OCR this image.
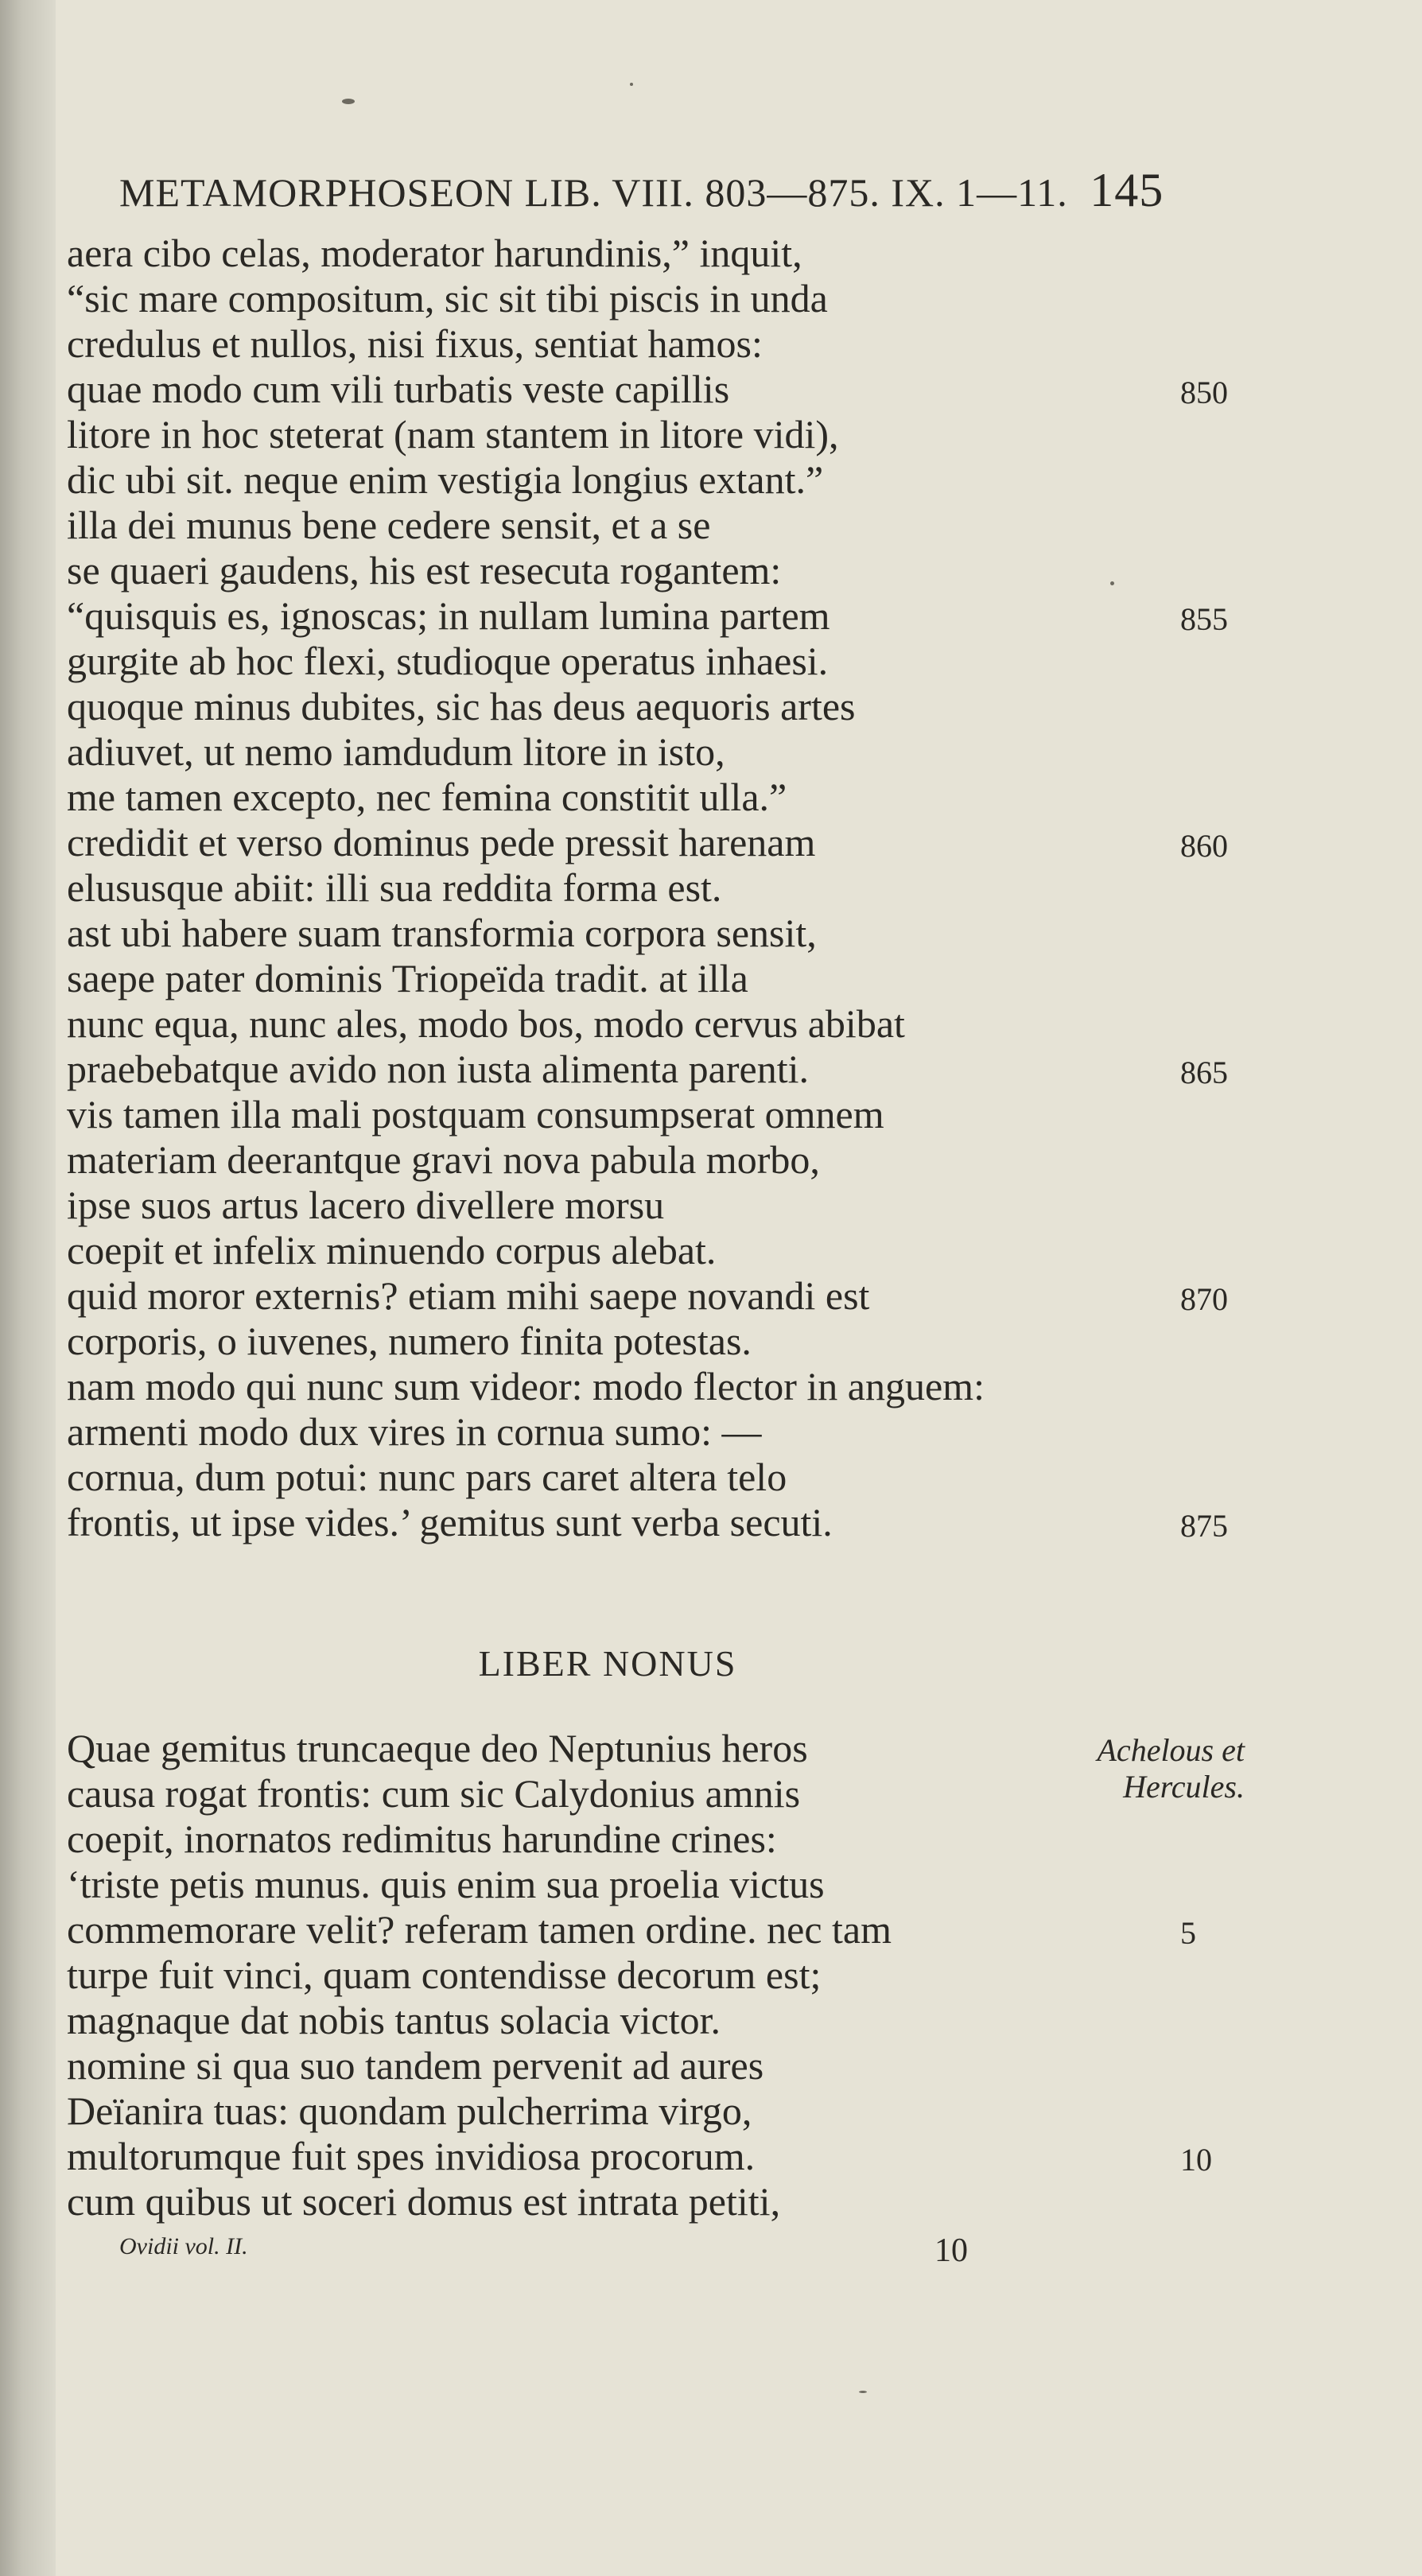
METAMORPHOSEON LIB. VIII. 803—875. IX. 1—11. 145
aera cibo celas, moderator harundinis,” inquit,
“sic mare compositum, sic sit tibi piscis in unda
credulus et nullos, nisi fixus, sentiat hamos:
quae modo cum vili turbatis veste capillis	850
litore in hoc steterat (nam stantem in litore vidi),
dic ubi sit. neque enim vestigia longius extant.”
illa dei munus bene cedere sensit, et a se
se quaeri gaudens, his est resecuta rogantem:
“quisquis es, ignoscas; in nullam lumina partem	855
gurgite ab hoc flexi, studioque operatus inhaesi.
quoque minus dubites, sic has deus aequoris artes
adiuvet, ut nemo iamdudum litore in isto,
me tamen excepto, nec femina constitit ulla.”
credidit et verso dominus pede pressit harenam	860
elususque abiit: illi sua reddita forma est.
ast ubi habere suam transformia corpora sensit,
saepe pater dominis Triopeïda tradit. at illa
nunc equa, nunc ales, modo bos, modo cervus abibat
praebebatque avido non iusta alimenta parenti.	865
vis tamen illa mali postquam consumpserat omnem
materiam deerantque gravi nova pabula morbo,
ipse suos artus lacero divellere morsu
coepit et infelix minuendo corpus alebat.
quid moror externis? etiam mihi saepe novandi est	870
corporis, o iuvenes, numero finita potestas.
nam modo qui nunc sum videor: modo flector in anguem:
armenti modo dux vires in cornua sumo: —
cornua, dum potui: nunc pars caret altera telo
frontis, ut ipse vides.’ gemitus sunt verba secuti.	875
LIBER NONUS
Achelous et
Hercules.
Quae gemitus truncaeque deo Neptunius heros
causa rogat frontis: cum sic Calydonius amnis
coepit, inornatos redimitus harundine crines:
‘triste petis munus. quis enim sua proelia victus
commemorare velit? referam tamen ordine. nec tam	5
turpe fuit vinci, quam contendisse decorum est;
magnaque dat nobis tantus solacia victor.
nomine si qua suo tandem pervenit ad aures
Deïanira tuas: quondam pulcherrima virgo,
multorumque fuit spes invidiosa procorum.	10
cum quibus ut soceri domus est intrata petiti,
Ovidii vol. II.	10
